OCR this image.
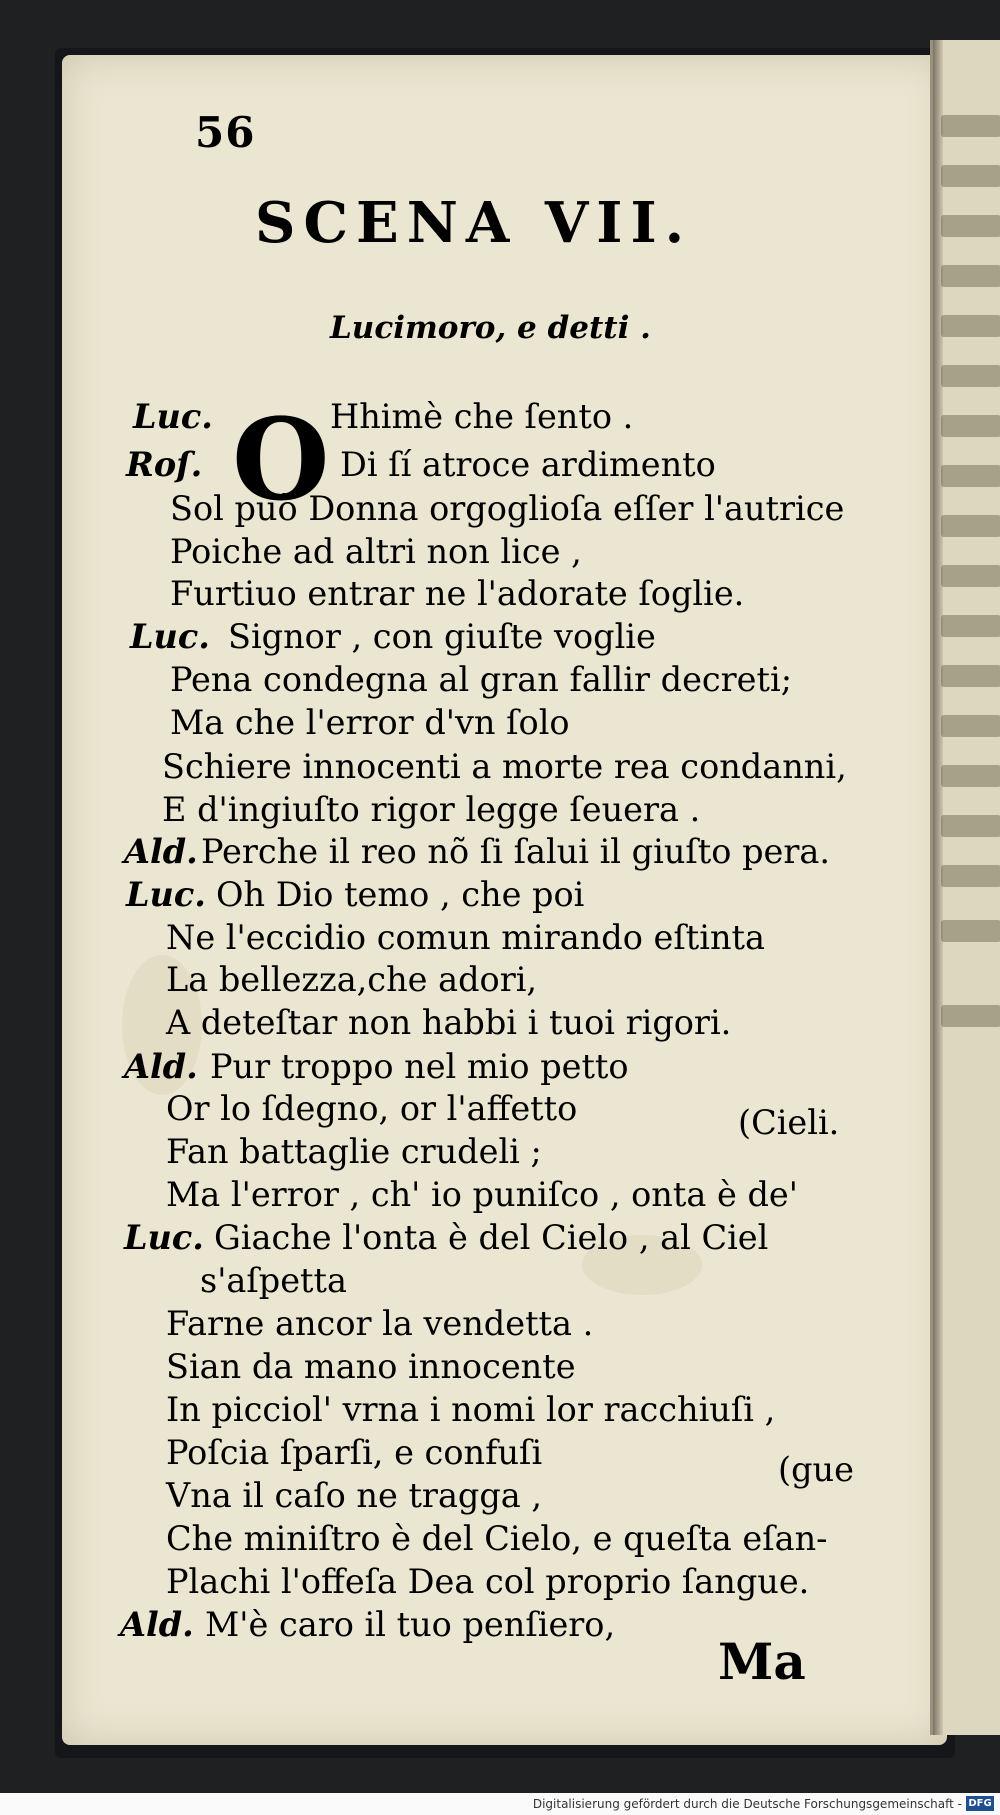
56
SCENA VII.
Lucimoro, e detti .
O
Luc.	Hhimè che ſento .
Roſ.	Di ſí atroce ardimento
Sol può Donna orgoglioſa eſſer l'autrice
Poiche ad altri non lice ,
Furtiuo entrar ne l'adorate ſoglie.
Luc. Signor , con giuſte voglie
Pena condegna al gran fallir decreti;
Ma che l'error d'vn ſolo
Schiere innocenti a morte rea condanni,
E d'ingiuſto rigor legge ſeuera .
Ald. Perche il reo nõ ſi ſalui il giuſto pera.
Luc. Oh Dio temo , che poi
Ne l'eccidio comun mirando eſtinta
La bellezza,che adori,
A deteſtar non habbi i tuoi rigori.
Ald. Pur troppo nel mio petto
Or lo ſdegno, or l'affetto
Fan battaglie crudeli ;
Ma l'error , ch' io puniſco , onta è de'
Luc. Giache l'onta è del Cielo , al Ciel
s'aſpetta
Farne ancor la vendetta .
Sian da mano innocente
In picciol' vrna i nomi lor racchiuſi ,
Poſcia ſparſi, e confuſi
Vna il caſo ne tragga ,
Che miniſtro è del Cielo, e queſta eſan-
Plachi l'offeſa Dea col proprio ſangue.
Ald. M'è caro il tuo penſiero,
(Cieli.
(gue
Ma
Digitalisierung gefördert durch die Deutsche Forschungsgemeinschaft - DFG
